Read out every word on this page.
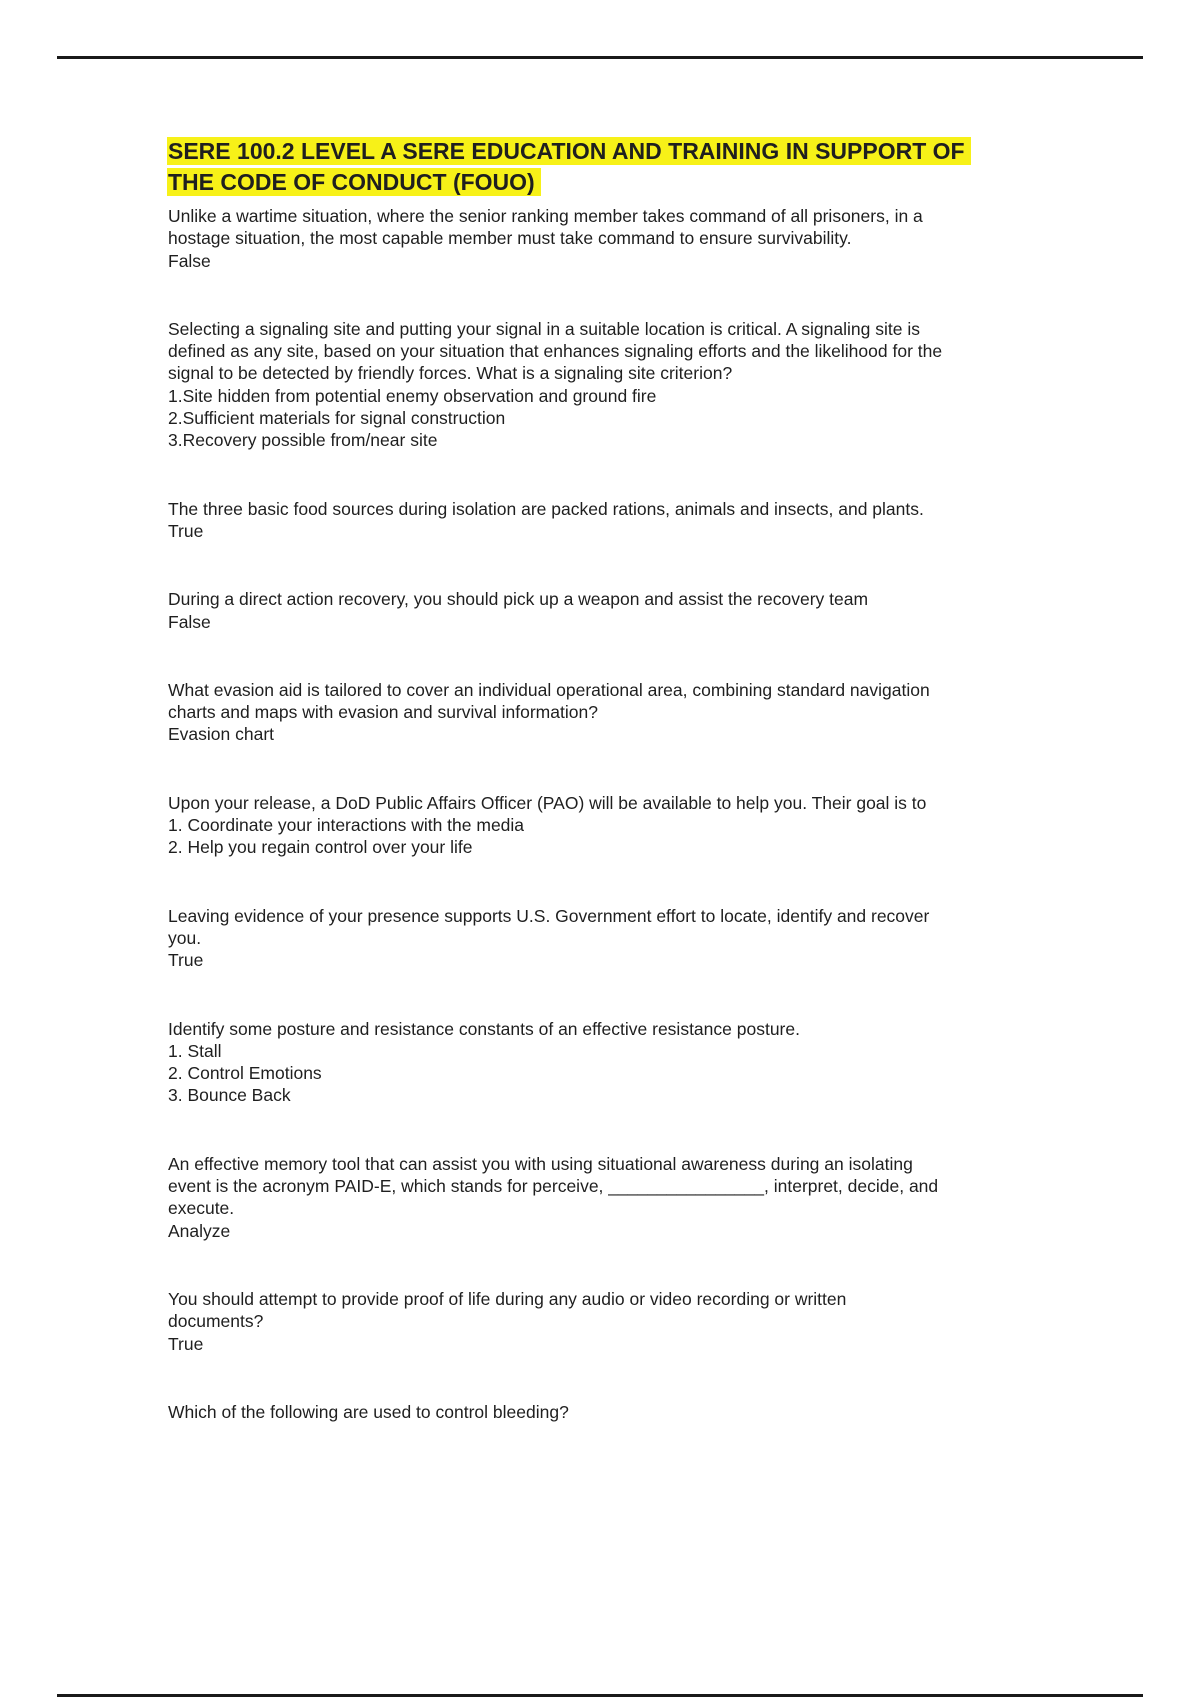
SERE 100.2 LEVEL A SERE EDUCATION AND TRAINING IN SUPPORT OF
THE CODE OF CONDUCT (FOUO)
Unlike a wartime situation, where the senior ranking member takes command of all prisoners, in a
hostage situation, the most capable member must take command to ensure survivability.
False
Selecting a signaling site and putting your signal in a suitable location is critical. A signaling site is
defined as any site, based on your situation that enhances signaling efforts and the likelihood for the
signal to be detected by friendly forces. What is a signaling site criterion?
1.Site hidden from potential enemy observation and ground fire
2.Sufficient materials for signal construction
3.Recovery possible from/near site
The three basic food sources during isolation are packed rations, animals and insects, and plants.
True
During a direct action recovery, you should pick up a weapon and assist the recovery team
False
What evasion aid is tailored to cover an individual operational area, combining standard navigation
charts and maps with evasion and survival information?
Evasion chart
Upon your release, a DoD Public Affairs Officer (PAO) will be available to help you. Their goal is to
1. Coordinate your interactions with the media
2. Help you regain control over your life
Leaving evidence of your presence supports U.S. Government effort to locate, identify and recover
you.
True
Identify some posture and resistance constants of an effective resistance posture.
1. Stall
2. Control Emotions
3. Bounce Back
An effective memory tool that can assist you with using situational awareness during an isolating
event is the acronym PAID-E, which stands for perceive, ________________, interpret, decide, and
execute.
Analyze
You should attempt to provide proof of life during any audio or video recording or written
documents?
True
Which of the following are used to control bleeding?
